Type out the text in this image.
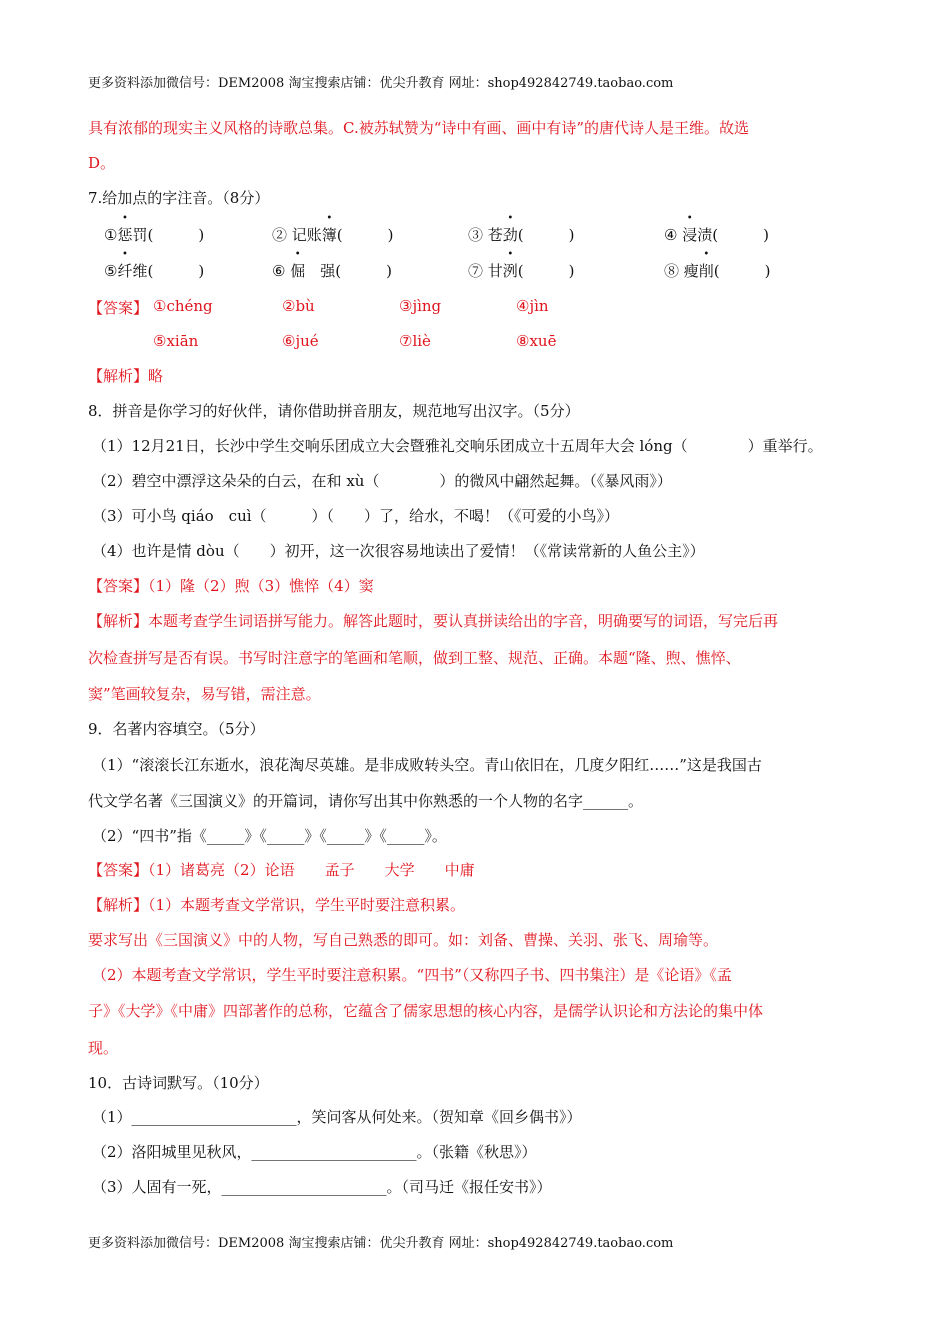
更多资料添加微信号：DEM2008 淘宝搜索店铺：优尖升教育 网址：shop492842749.taobao.com
具有浓郁的现实主义风格的诗歌总集。C.被苏轼赞为“诗中有画、画中有诗”的唐代诗人是王维。故选
D。
7.给加点的字注音。（8分）
①惩罚(　　　)	② 记账簿(　　　)	③ 苍劲(　　　)	④ 浸渍(　　　)
⑤纤维(　　　)	⑥ 倔　强(　　　)	⑦ 甘洌(　　　)	⑧ 瘦削(　　　)
【答案】 ①chéng	②bù	③jìng	④jìn
⑤xiān	⑥jué	⑦liè	⑧xuē
【解析】略
8．拼音是你学习的好伙伴，请你借助拼音朋友，规范地写出汉字。（5分）
（1）12月21日，长沙中学生交响乐团成立大会暨雅礼交响乐团成立十五周年大会 lóng（　　　　）重举行。
（2）碧空中漂浮这朵朵的白云，在和 xù（　　　　）的微风中翩然起舞。（《暴风雨》）
（3）可小鸟 qiáo　cuì（　　　）（　　）了，给水，不喝！（《可爱的小鸟》）
（4）也许是情 dòu（　　）初开，这一次很容易地读出了爱情！（《常读常新的人鱼公主》）
【答案】（1）隆（2）煦（3）憔悴（4）窦
【解析】本题考查学生词语拼写能力。解答此题时，要认真拼读给出的字音，明确要写的词语，写完后再
次检查拼写是否有误。书写时注意字的笔画和笔顺，做到工整、规范、正确。本题“隆、煦、憔悴、
窦”笔画较复杂，易写错，需注意。
9．名著内容填空。（5分）
（1）“滚滚长江东逝水，浪花淘尽英雄。是非成败转头空。青山依旧在，几度夕阳红……”这是我国古
代文学名著《三国演义》的开篇词，请你写出其中你熟悉的一个人物的名字______。
（2）“四书”指《_____》《_____》《_____》《_____》。
【答案】（1）诸葛亮（2）论语　　孟子　　大学　　中庸
【解析】（1）本题考查文学常识，学生平时要注意积累。
要求写出《三国演义》中的人物，写自己熟悉的即可。如：刘备、曹操、关羽、张飞、周瑜等。
（2）本题考查文学常识，学生平时要注意积累。“四书”（又称四子书、四书集注）是《论语》《孟
子》《大学》《中庸》四部著作的总称，它蕴含了儒家思想的核心内容，是儒学认识论和方法论的集中体
现。
10．古诗词默写。（10分）
（1）______________________，笑问客从何处来。（贺知章《回乡偶书》）
（2）洛阳城里见秋风，______________________。（张籍《秋思》）
（3）人固有一死，______________________。（司马迁《报任安书》）
更多资料添加微信号：DEM2008 淘宝搜索店铺：优尖升教育 网址：shop492842749.taobao.com
